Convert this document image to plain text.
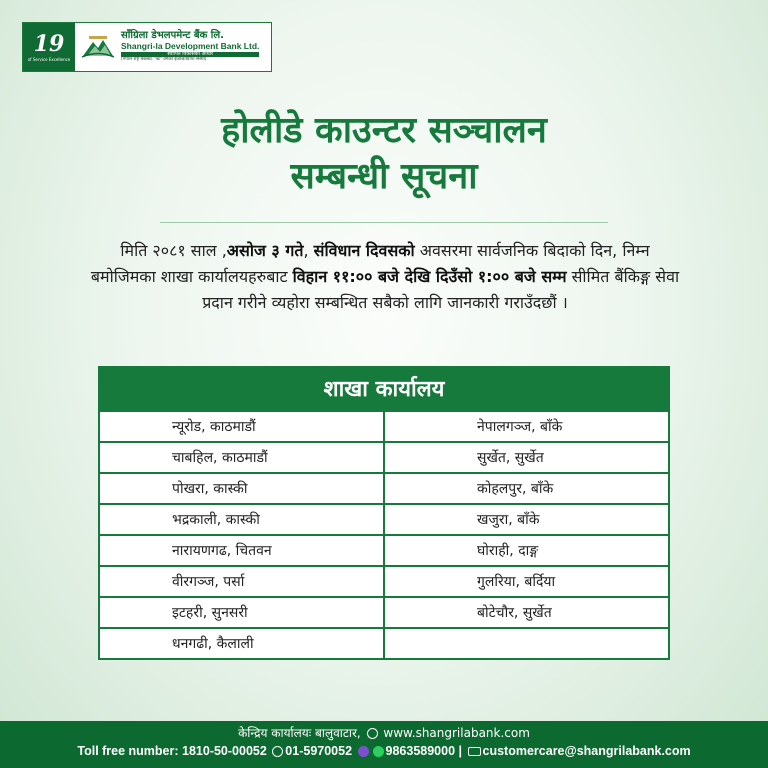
19
of Service Excellence
साँग्रिला डेभलपमेन्ट बैंक लि.
Shangri-la Development Bank Ltd.
स्थापित विकासको आधार
(नेपाल राष्ट्र बैंकबाट "ख" वर्गको इजाजतप्राप्त संस्था)
होलीडे काउन्टर सञ्चालन
सम्बन्धी सूचना
मिति २०८१ साल ,असोज ३ गते, संविधान दिवसको अवसरमा सार्वजनिक बिदाको दिन, निम्न बमोजिमका शाखा कार्यालयहरुबाट विहान ११:०० बजे देखि दिउँसो १:०० बजे सम्म सीमित बैंकिङ्ग सेवा प्रदान गरीने व्यहोरा सम्बन्धित सबैको लागि जानकारी गराउँदछौं ।
शाखा कार्यालय
न्यूरोड, काठमाडौं	नेपालगञ्ज, बाँके
चाबहिल, काठमाडौं	सुर्खेत, सुर्खेत
पोखरा, कास्की	कोहलपुर, बाँके
भद्रकाली, कास्की	खजुरा, बाँके
नारायणगढ, चितवन	घोराही, दाङ्ग
वीरगञ्ज, पर्सा	गुलरिया, बर्दिया
इटहरी, सुनसरी	बोटेचौर, सुर्खेत
धनगढी, कैलाली	
केन्द्रिय कार्यालयः बालुवाटार, www.shangrilabank.com
Toll free number: 1810-50-00052 01-5970052	9863589000 | customercare@shangrilabank.com
